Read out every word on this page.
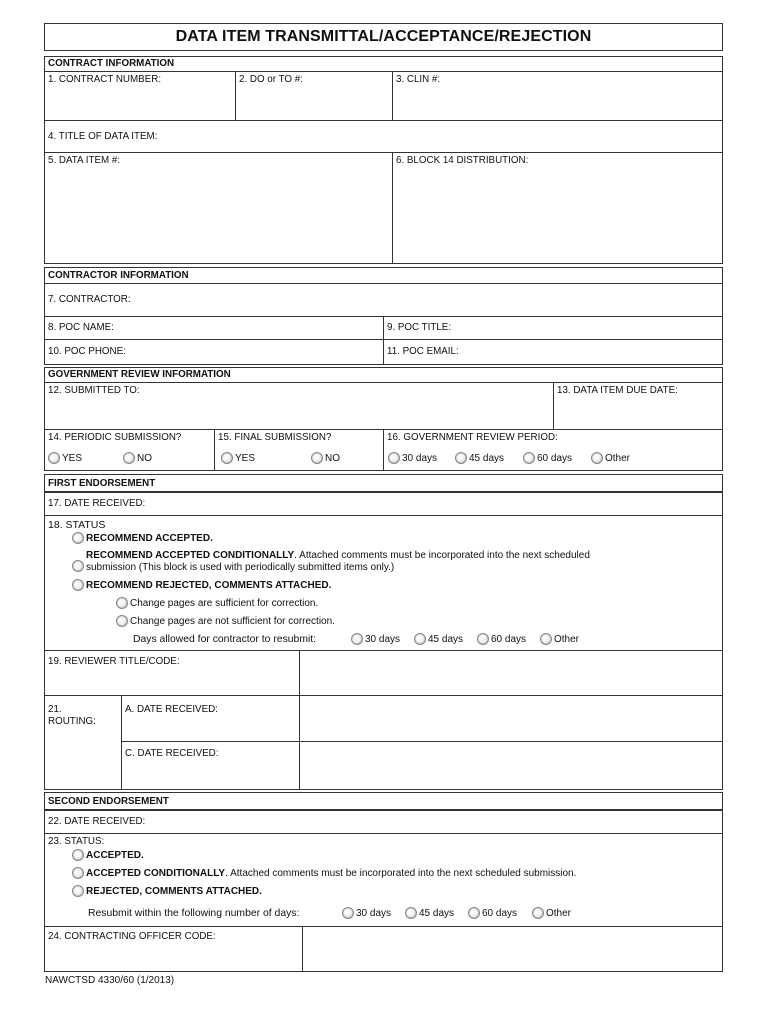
DATA ITEM TRANSMITTAL/ACCEPTANCE/REJECTION
CONTRACT INFORMATION
1. CONTRACT NUMBER:	2. DO or TO #:	3. CLIN #:
4. TITLE OF DATA ITEM:
5. DATA ITEM #:	6. BLOCK 14 DISTRIBUTION:
CONTRACTOR INFORMATION
7. CONTRACTOR:
8. POC NAME:	9. POC TITLE:
10. POC PHONE:	11. POC EMAIL:
GOVERNMENT REVIEW INFORMATION
12. SUBMITTED TO:	13. DATA ITEM DUE DATE:
14. PERIODIC SUBMISSION?	15. FINAL SUBMISSION?	16. GOVERNMENT REVIEW PERIOD:
YES	NO	YES	NO	30 days	45 days	60 days	Other
FIRST ENDORSEMENT
17. DATE RECEIVED:
18. STATUS
RECOMMEND ACCEPTED.
RECOMMEND ACCEPTED CONDITIONALLY. Attached comments must be incorporated into the next scheduled
submission (This block is used with periodically submitted items only.)
RECOMMEND REJECTED, COMMENTS ATTACHED.
Change pages are sufficient for correction.
Change pages are not sufficient for correction.
Days allowed for contractor to resubmit:	30 days	45 days	60 days	Other
19. REVIEWER TITLE/CODE:
21.
ROUTING:
A. DATE RECEIVED:
C. DATE RECEIVED:
SECOND ENDORSEMENT
22. DATE RECEIVED:
23. STATUS:
ACCEPTED.
ACCEPTED CONDITIONALLY. Attached comments must be incorporated into the next scheduled submission.
REJECTED, COMMENTS ATTACHED.
Resubmit within the following number of days:	30 days	45 days	60 days	Other
24. CONTRACTING OFFICER CODE:
NAWCTSD 4330/60 (1/2013)
